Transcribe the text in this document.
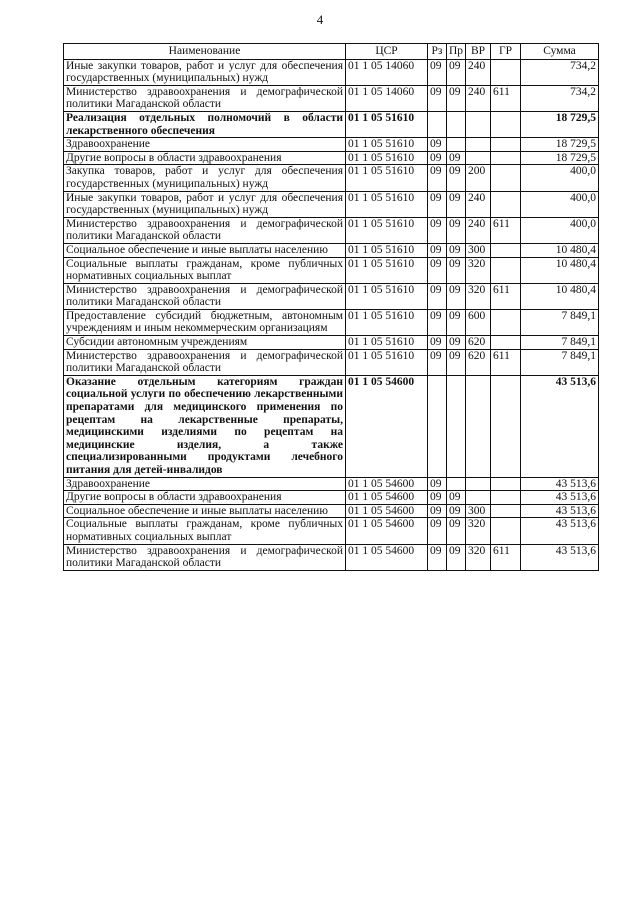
4
Наименование	ЦСР	Рз	Пр	ВР	ГР	Сумма
Иные закупки товаров, работ и услуг для обеспечения государственных (муниципальных) нужд	01 1 05 14060	09	09	240		734,2
Министерство здравоохранения и демографической политики Магаданской области	01 1 05 14060	09	09	240	611	734,2
Реализация отдельных полномочий в области лекарственного обеспечения	01 1 05 51610					18 729,5
Здравоохранение	01 1 05 51610	09				18 729,5
Другие вопросы в области здравоохранения	01 1 05 51610	09	09			18 729,5
Закупка товаров, работ и услуг для обеспечения государственных (муниципальных) нужд	01 1 05 51610	09	09	200		400,0
Иные закупки товаров, работ и услуг для обеспечения государственных (муниципальных) нужд	01 1 05 51610	09	09	240		400,0
Министерство здравоохранения и демографической политики Магаданской области	01 1 05 51610	09	09	240	611	400,0
Социальное обеспечение и иные выплаты населению	01 1 05 51610	09	09	300		10 480,4
Социальные выплаты гражданам, кроме публичных нормативных социальных выплат	01 1 05 51610	09	09	320		10 480,4
Министерство здравоохранения и демографической политики Магаданской области	01 1 05 51610	09	09	320	611	10 480,4
Предоставление субсидий бюджетным, автономным учреждениям и иным некоммерческим организациям	01 1 05 51610	09	09	600		7 849,1
Субсидии автономным учреждениям	01 1 05 51610	09	09	620		7 849,1
Министерство здравоохранения и демографической политики Магаданской области	01 1 05 51610	09	09	620	611	7 849,1
Оказание отдельным категориям граждан социальной услуги по обеспечению лекарственными препаратами для медицинского применения по рецептам на лекарственные препараты, медицинскими изделиями по рецептам на медицинские изделия, а также специализированными продуктами лечебного питания для детей-инвалидов	01 1 05 54600					43 513,6
Здравоохранение	01 1 05 54600	09				43 513,6
Другие вопросы в области здравоохранения	01 1 05 54600	09	09			43 513,6
Социальное обеспечение и иные выплаты населению	01 1 05 54600	09	09	300		43 513,6
Социальные выплаты гражданам, кроме публичных нормативных социальных выплат	01 1 05 54600	09	09	320		43 513,6
Министерство здравоохранения и демографической политики Магаданской области	01 1 05 54600	09	09	320	611	43 513,6
